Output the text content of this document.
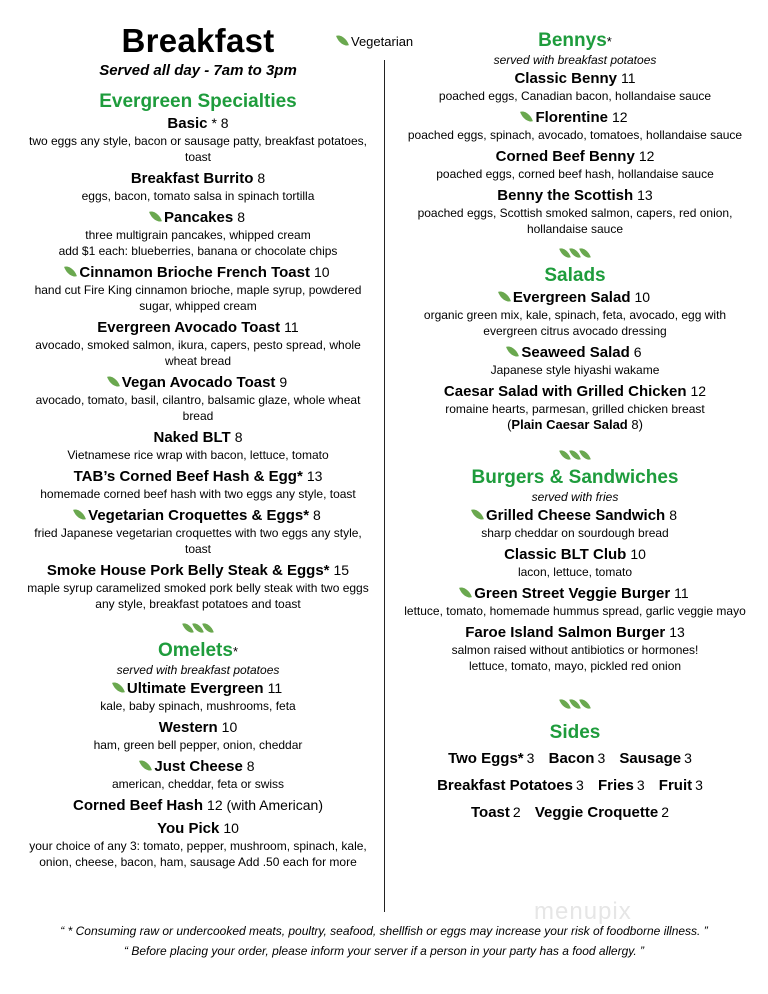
Vegetarian
Breakfast
Served all day - 7am to 3pm
Evergreen Specialties
Basic * 8
two eggs any style, bacon or sausage patty, breakfast potatoes, toast
Breakfast Burrito 8
eggs, bacon, tomato salsa in spinach tortilla
Pancakes 8
three multigrain pancakes, whipped cream
add $1 each: blueberries, banana or chocolate chips
Cinnamon Brioche French Toast 10
hand cut Fire King cinnamon brioche, maple syrup, powdered sugar, whipped cream
Evergreen Avocado Toast 11
avocado, smoked salmon, ikura, capers, pesto spread, whole wheat bread
Vegan Avocado Toast 9
avocado, tomato, basil, cilantro, balsamic glaze, whole wheat bread
Naked BLT 8
Vietnamese rice wrap with bacon, lettuce, tomato
TAB’s Corned Beef Hash & Egg* 13
homemade corned beef hash with two eggs any style, toast
Vegetarian Croquettes & Eggs* 8
fried Japanese vegetarian croquettes with two eggs any style, toast
Smoke House Pork Belly Steak & Eggs* 15
maple syrup caramelized smoked pork belly steak with two eggs any style, breakfast potatoes and toast
Omelets*
served with breakfast potatoes
Ultimate Evergreen 11
kale, baby spinach, mushrooms, feta
Western 10
ham, green bell pepper, onion, cheddar
Just Cheese 8
american, cheddar, feta or swiss
Corned Beef Hash 12 (with American)
You Pick 10
your choice of any 3: tomato, pepper, mushroom, spinach, kale, onion, cheese, bacon, ham, sausage Add .50 each for more
Bennys*
served with breakfast potatoes
Classic Benny 11
poached eggs, Canadian bacon, hollandaise sauce
Florentine 12
poached eggs, spinach, avocado, tomatoes, hollandaise sauce
Corned Beef Benny 12
poached eggs, corned beef hash, hollandaise sauce
Benny the Scottish 13
poached eggs, Scottish smoked salmon, capers, red onion, hollandaise sauce
Salads
Evergreen Salad 10
organic green mix, kale, spinach, feta, avocado, egg with evergreen citrus avocado dressing
Seaweed Salad 6
Japanese style hiyashi wakame
Caesar Salad with Grilled Chicken 12
romaine hearts, parmesan, grilled chicken breast
(Plain Caesar Salad 8)
Burgers & Sandwiches
served with fries
Grilled Cheese Sandwich 8
sharp cheddar on sourdough bread
Classic BLT Club 10
lacon, lettuce, tomato
Green Street Veggie Burger 11
lettuce, tomato, homemade hummus spread, garlic veggie mayo
Faroe Island Salmon Burger 13
salmon raised without antibiotics or hormones!
lettuce, tomato, mayo, pickled red onion
Sides
Two Eggs* 3 Bacon 3 Sausage 3
Breakfast Potatoes 3 Fries 3 Fruit 3
Toast 2 Veggie Croquette 2
menupix
“ * Consuming raw or undercooked meats, poultry, seafood, shellfish or eggs may increase your risk of foodborne illness. ”
“ Before placing your order, please inform your server if a person in your party has a food allergy. ”
